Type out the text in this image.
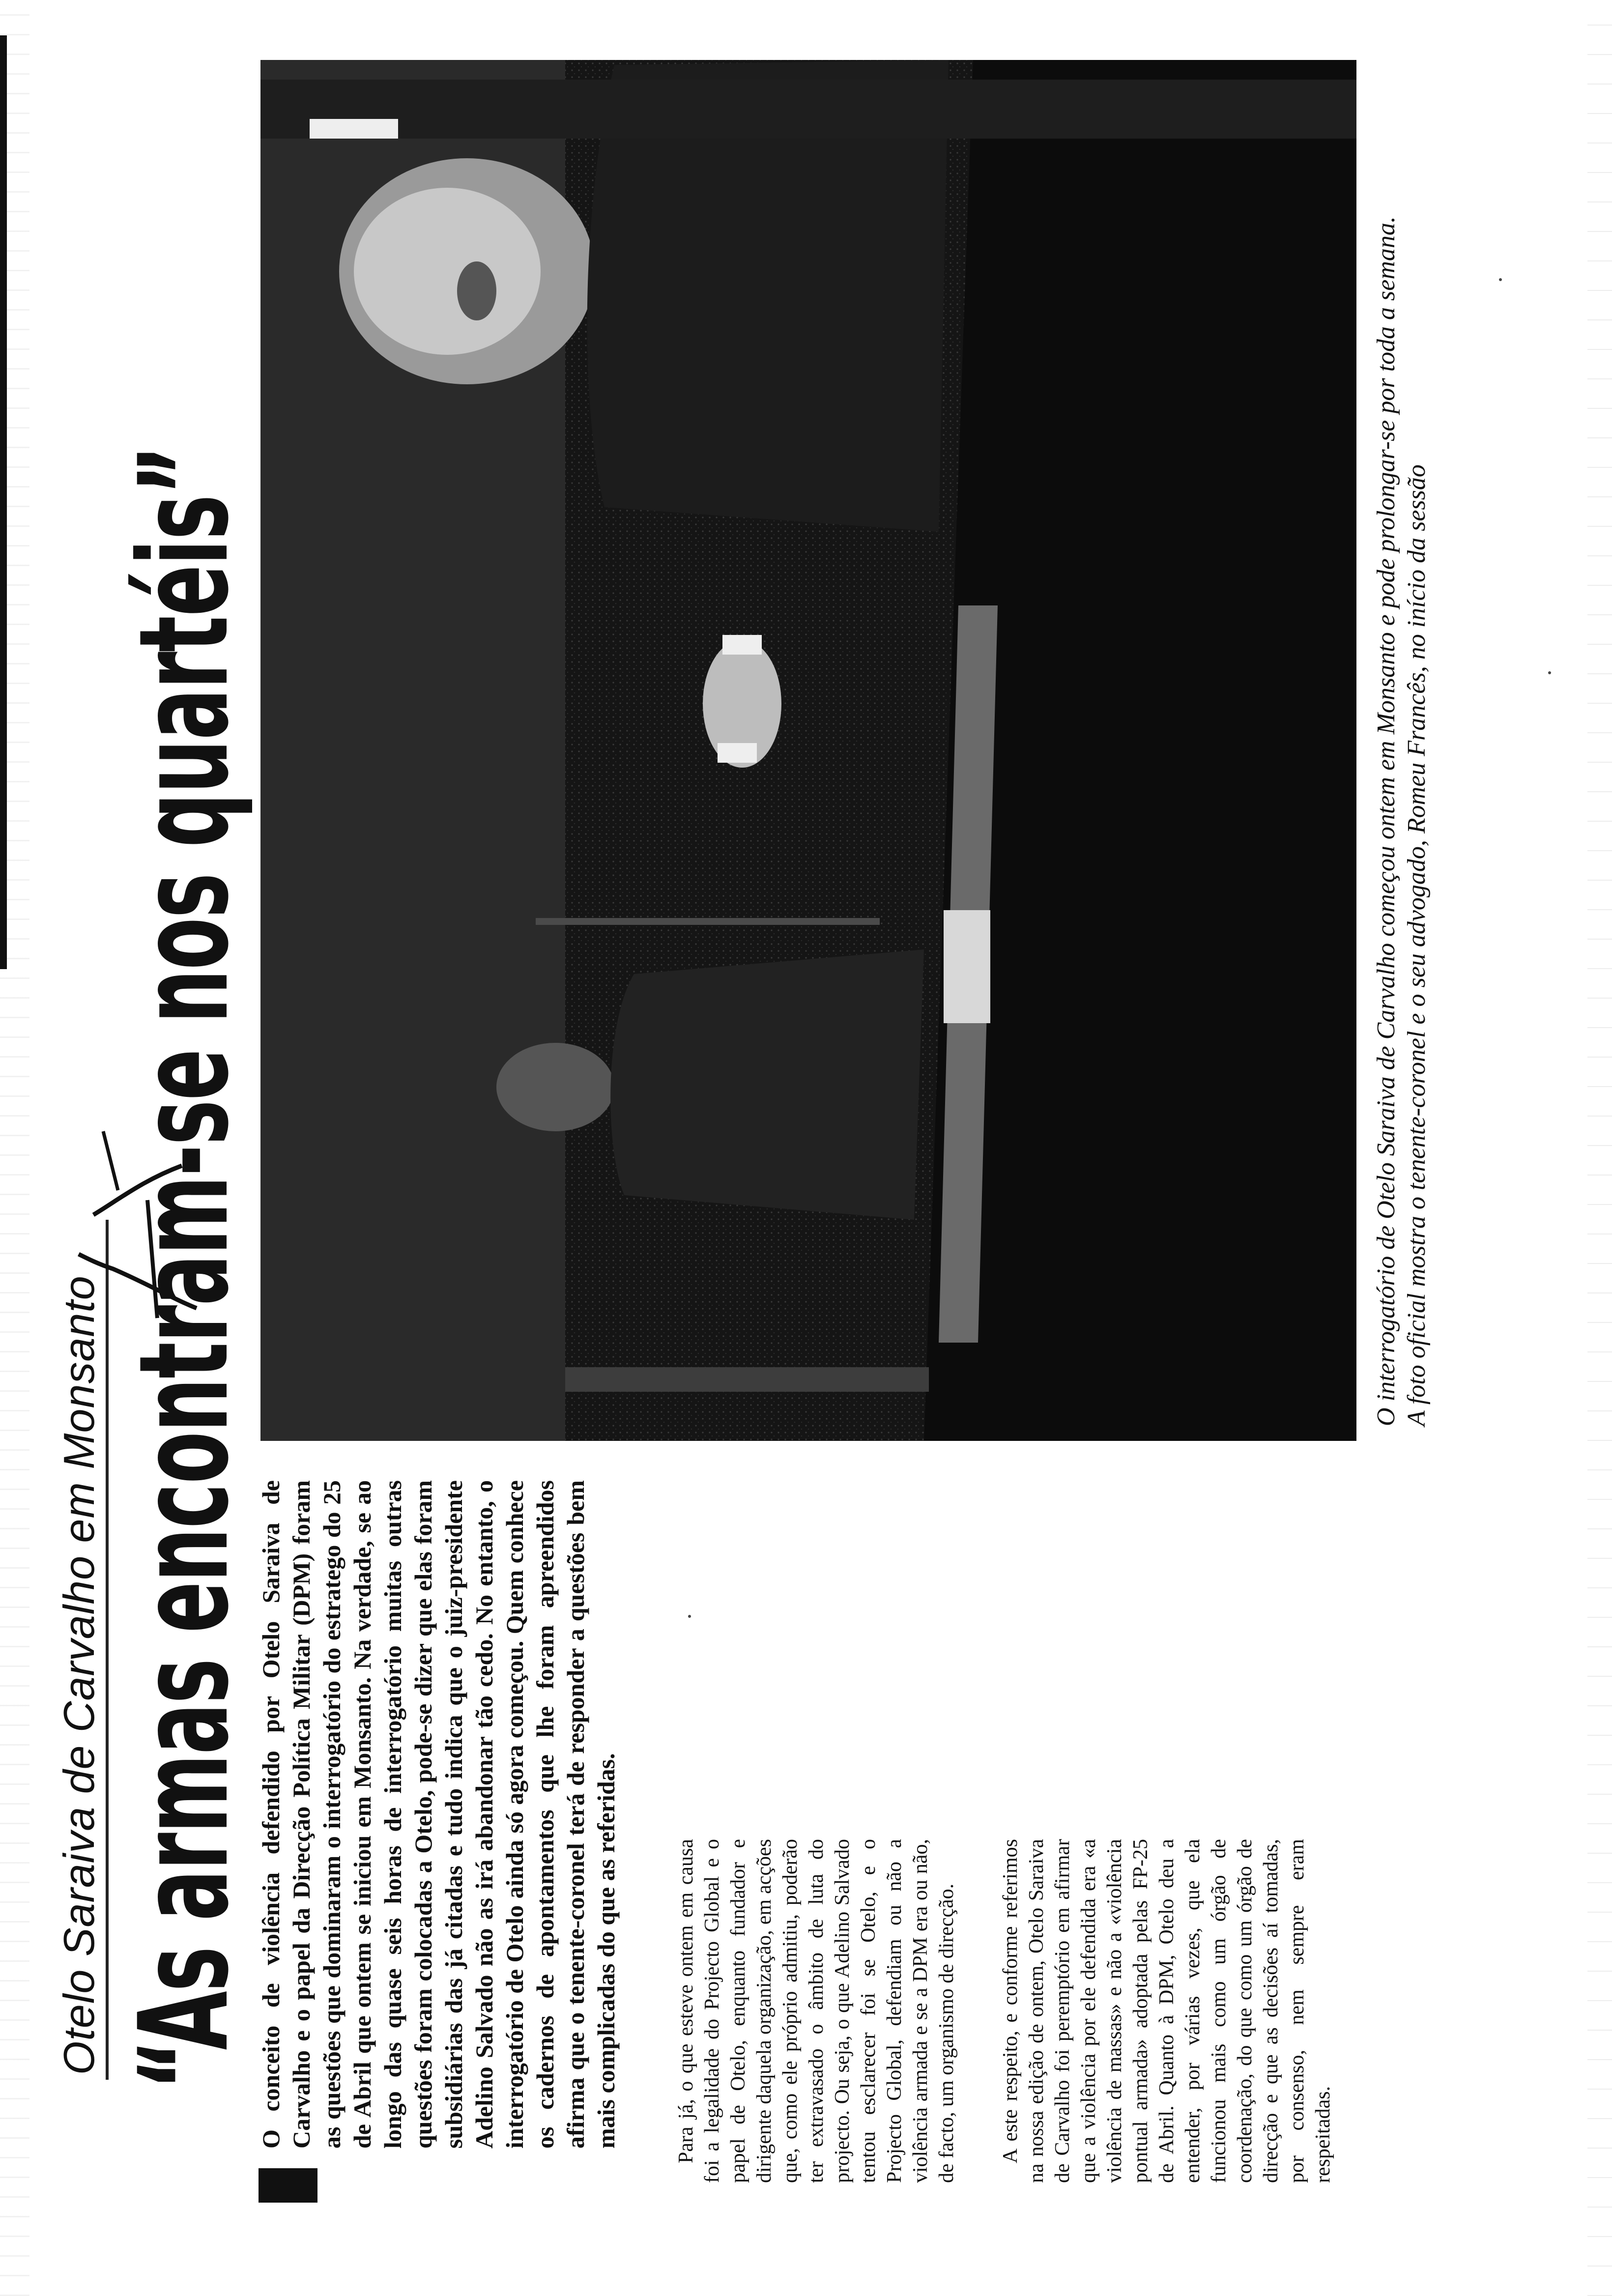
Otelo Saraiva de Carvalho em Monsanto “As armas encontram-se nos quartéis”	O interrogatório de Otelo Saraiva de Carvalho começou ontem em Monsanto e pode prolongar-se por toda a semana. A foto oficial mostra o tenente-coronel e o seu advogado, Romeu Francês, no início da sessão

O conceito de violência defendido por Otelo Saraiva de Carvalho e o papel da Direcção Política Militar (DPM) foram as questões que dominaram o interrogatório do estratego do 25 de Abril que ontem se iniciou em Monsanto. Na verdade, se ao longo das quase seis horas de interrogatório muitas outras questões foram colocadas a Otelo, pode-se dizer que elas foram subsidiárias das já citadas e tudo indica que o juiz-presidente Adelino Salvado não as irá abandonar tão cedo. No entanto, o interrogatório de Otelo ainda só agora começou. Quem conhece os cadernos de apontamentos que lhe foram apreendidos afirma que o tenente-coronel terá de responder a questões bem mais complicadas do que as referidas.	Para já, o que esteve ontem em causa foi a legalidade do Projecto Global e o papel de Otelo, enquanto fundador e dirigente daquela organização, em acções que, como ele próprio admitiu, poderão ter extravasado o âmbito de luta do projecto. Ou seja, o que Adelino Salvado tentou esclarecer foi se Otelo, e o Projecto Global, defendiam ou não a violência armada e se a DPM era ou não, de facto, um organismo de direcção. A este respeito, e conforme referimos na nossa edição de ontem, Otelo Saraiva de Carvalho foi peremptório em afirmar que a violência por ele defendida era «a violência de massas» e não a «violência pontual armada» adoptada pelas FP-25 de Abril. Quanto à DPM, Otelo deu a entender, por várias vezes, que ela funcionou mais como um órgão de coordenação, do que como um órgão de direcção e que as decisões aí tomadas, por consenso, nem sempre eram respeitadas.
